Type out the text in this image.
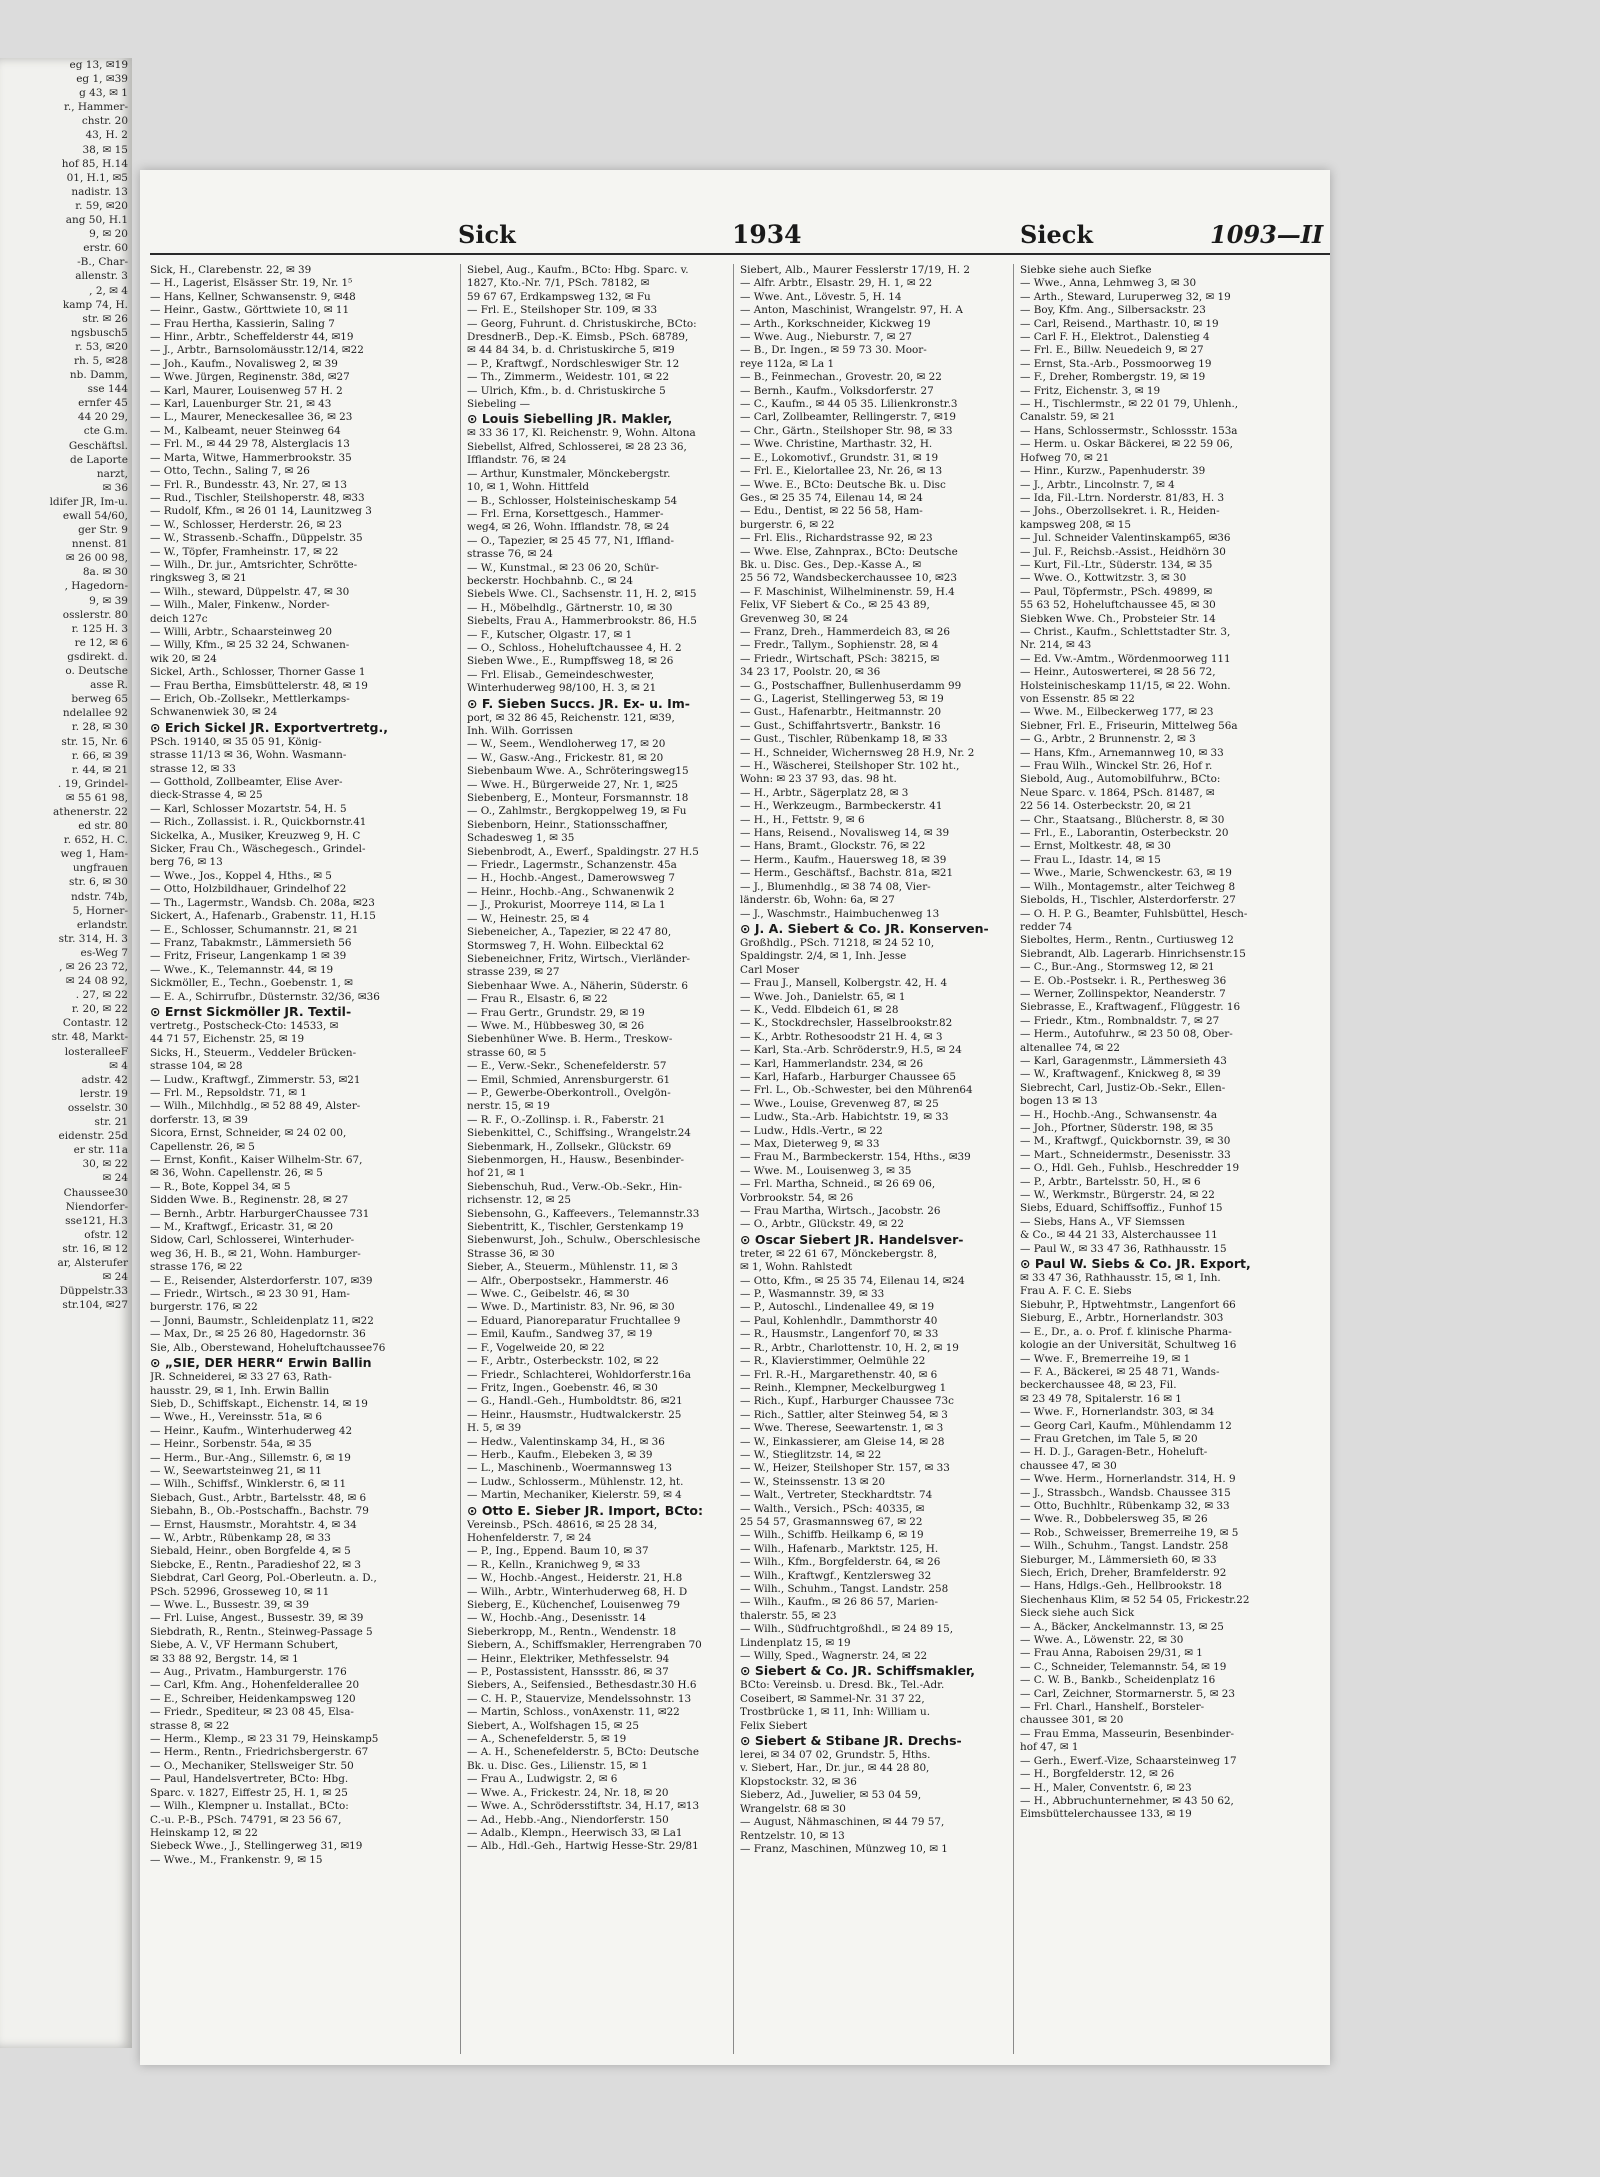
eg 13, ✉19
eg 1, ✉39
g 43, ✉ 1
r., Hammer-
chstr. 20
43, H. 2
38, ✉ 15
hof 85, H.14
01, H.1, ✉5
nadistr. 13
r. 59, ✉20
ang 50, H.1
9, ✉ 20
erstr. 60
-B., Char-
allenstr. 3
, 2, ✉ 4
kamp 74, H.
str. ✉ 26
ngsbusch5
r. 53, ✉20
rh. 5, ✉28
nb. Damm,
sse 144
ernfer 45
44 20 29,
cte G.m.
Geschäftsl.
de Laporte
narzt,
✉ 36
ldifer JR, Im-u.
ewall 54/60,
ger Str. 9
nnenst. 81
✉ 26 00 98,
8a. ✉ 30
, Hagedorn-
9, ✉ 39
osslerstr. 80
r. 125 H. 3
re 12, ✉ 6
gsdirekt. d.
o. Deutsche
asse R.
berweg 65
ndelallee 92
r. 28, ✉ 30
str. 15, Nr. 6
r. 66, ✉ 39
r. 44, ✉ 21
. 19, Grindel-
✉ 55 61 98,
athenerstr. 22
ed str. 80
r. 652, H. C.
weg 1, Ham-
ungfrauen
str. 6, ✉ 30
ndstr. 74b,
5, Horner-
erlandstr.
str. 314, H. 3
es-Weg 7
, ✉ 26 23 72,
✉ 24 08 92,
. 27, ✉ 22
r. 20, ✉ 22
Contastr. 12
str. 48, Markt-
losteralleeF
✉ 4
adstr. 42
lerstr. 19
osselstr. 30
str. 21
eidenstr. 25d
er str. 11a
30, ✉ 22
✉ 24
Chaussee30
Niendorfer-
sse121, H.3
ofstr. 12
str. 16, ✉ 12
ar, Alsterufer
✉ 24
Düppelstr.33
str.104, ✉27
Sick	1934	Sieck	1093—II
Sick, H., Clarebenstr. 22, ✉ 39
— H., Lagerist, Elsässer Str. 19, Nr. 1⁵
— Hans, Kellner, Schwansenstr. 9, ✉48
— Heinr., Gastw., Görttwiete 10, ✉ 11
— Frau Hertha, Kassierin, Saling 7
— Hinr., Arbtr., Scheffelderstr 44, ✉19
— J., Arbtr., Barnsolomäusstr.12/14, ✉22
— Joh., Kaufm., Novalisweg 2, ✉ 39
— Wwe. Jürgen, Reginenstr. 38d, ✉27
— Karl, Maurer, Louisenweg 57 H. 2
— Karl, Lauenburger Str. 21, ✉ 43
— L., Maurer, Meneckesallee 36, ✉ 23
— M., Kalbeamt, neuer Steinweg 64
— Frl. M., ✉ 44 29 78, Alsterglacis 13
— Marta, Witwe, Hammerbrookstr. 35
— Otto, Techn., Saling 7, ✉ 26
— Frl. R., Bundesstr. 43, Nr. 27, ✉ 13
— Rud., Tischler, Steilshoperstr. 48, ✉33
— Rudolf, Kfm., ✉ 26 01 14, Launitzweg 3
— W., Schlosser, Herderstr. 26, ✉ 23
— W., Strassenb.-Schaffn., Düppelstr. 35
— W., Töpfer, Framheinstr. 17, ✉ 22
— Wilh., Dr. jur., Amtsrichter, Schrötte-
ringksweg 3, ✉ 21
— Wilh., steward, Düppelstr. 47, ✉ 30
— Wilh., Maler, Finkenw., Norder-
deich 127c
— Willi, Arbtr., Schaarsteinweg 20
— Willy, Kfm., ✉ 25 32 24, Schwanen-
wik 20, ✉ 24
Sickel, Arth., Schlosser, Thorner Gasse 1
— Frau Bertha, Eimsbüttelerstr. 48, ✉ 19
— Erich, Ob.-Zollsekr., Mettlerkamps-
Schwanenwiek 30, ✉ 24
⊙ Erich Sickel JR. Exportvertretg.,
PSch. 19140, ✉ 35 05 91, König-
strasse 11/13 ✉ 36, Wohn. Wasmann-
strasse 12, ✉ 33
— Gotthold, Zollbeamter, Elise Aver-
dieck-Strasse 4, ✉ 25
— Karl, Schlosser Mozartstr. 54, H. 5
— Rich., Zollassist. i. R., Quickbornstr.41
Sickelka, A., Musiker, Kreuzweg 9, H. C
Sicker, Frau Ch., Wäschegesch., Grindel-
berg 76, ✉ 13
— Wwe., Jos., Koppel 4, Hths., ✉ 5
— Otto, Holzbildhauer, Grindelhof 22
— Th., Lagermstr., Wandsb. Ch. 208a, ✉23
Sickert, A., Hafenarb., Grabenstr. 11, H.15
— E., Schlosser, Schumannstr. 21, ✉ 21
— Franz, Tabakmstr., Lämmersieth 56
— Fritz, Friseur, Langenkamp 1 ✉ 39
— Wwe., K., Telemannstr. 44, ✉ 19
Sickmöller, E., Techn., Goebenstr. 1, ✉
— E. A., Schirrufbr., Düsternstr. 32/36, ✉36
⊙ Ernst Sickmöller JR. Textil-
vertretg., Postscheck-Cto: 14533, ✉
44 71 57, Eichenstr. 25, ✉ 19
Sicks, H., Steuerm., Veddeler Brücken-
strasse 104, ✉ 28
— Ludw., Kraftwgf., Zimmerstr. 53, ✉21
— Frl. M., Repsoldstr. 71, ✉ 1
— Wilh., Milchhdlg., ✉ 52 88 49, Alster-
dorferstr. 13, ✉ 39
Sicora, Ernst, Schneider, ✉ 24 02 00,
Capellenstr. 26, ✉ 5
— Ernst, Konfit., Kaiser Wilhelm-Str. 67,
✉ 36, Wohn. Capellenstr. 26, ✉ 5
— R., Bote, Koppel 34, ✉ 5
Sidden Wwe. B., Reginenstr. 28, ✉ 27
— Bernh., Arbtr. HarburgerChaussee 731
— M., Kraftwgf., Ericastr. 31, ✉ 20
Sidow, Carl, Schlosserei, Winterhuder-
weg 36, H. B., ✉ 21, Wohn. Hamburger-
strasse 176, ✉ 22
— E., Reisender, Alsterdorferstr. 107, ✉39
— Friedr., Wirtsch., ✉ 23 30 91, Ham-
burgerstr. 176, ✉ 22
— Jonni, Baumstr., Schleidenplatz 11, ✉22
— Max, Dr., ✉ 25 26 80, Hagedornstr. 36
Sie, Alb., Oberstewand, Hoheluftchaussee76
⊙ „SIE, DER HERR“ Erwin Ballin
JR. Schneiderei, ✉ 33 27 63, Rath-
hausstr. 29, ✉ 1, Inh. Erwin Ballin
Sieb, D., Schiffskapt., Eichenstr. 14, ✉ 19
— Wwe., H., Vereinsstr. 51a, ✉ 6
— Heinr., Kaufm., Winterhuderweg 42
— Heinr., Sorbenstr. 54a, ✉ 35
— Herm., Bur.-Ang., Sillemstr. 6, ✉ 19
— W., Seewartsteinweg 21, ✉ 11
— Wilh., Schiffsf., Winklerstr. 6, ✉ 11
Siebach, Gust., Arbtr., Bartelsstr. 48, ✉ 6
Siebahn, B., Ob.-Postschaffn., Bachstr. 79
— Ernst, Hausmstr., Morahtstr. 4, ✉ 34
— W., Arbtr., Rübenkamp 28, ✉ 33
Siebald, Heinr., oben Borgfelde 4, ✉ 5
Siebcke, E., Rentn., Paradieshof 22, ✉ 3
Siebdrat, Carl Georg, Pol.-Oberleutn. a. D.,
PSch. 52996, Grosseweg 10, ✉ 11
— Wwe. L., Bussestr. 39, ✉ 39
— Frl. Luise, Angest., Bussestr. 39, ✉ 39
Siebdrath, R., Rentn., Steinweg-Passage 5
Siebe, A. V., VF Hermann Schubert,
✉ 33 88 92, Bergstr. 14, ✉ 1
— Aug., Privatm., Hamburgerstr. 176
— Carl, Kfm. Ang., Hohenfelderallee 20
— E., Schreiber, Heidenkampsweg 120
— Friedr., Spediteur, ✉ 23 08 45, Elsa-
strasse 8, ✉ 22
— Herm., Klemp., ✉ 23 31 79, Heinskamp5
— Herm., Rentn., Friedrichsbergerstr. 67
— O., Mechaniker, Stellsweiger Str. 50
— Paul, Handelsvertreter, BCto: Hbg.
Sparc. v. 1827, Eiffestr 25, H. 1, ✉ 25
— Wilh., Klempner u. Installat., BCto:
C.-u. P.-B., PSch. 74791, ✉ 23 56 67,
Heinskamp 12, ✉ 22
Siebeck Wwe., J., Stellingerweg 31, ✉19
— Wwe., M., Frankenstr. 9, ✉ 15
Siebel, Aug., Kaufm., BCto: Hbg. Sparc. v.
1827, Kto.-Nr. 7/1, PSch. 78182, ✉
59 67 67, Erdkampsweg 132, ✉ Fu
— Frl. E., Steilshoper Str. 109, ✉ 33
— Georg, Fuhrunt. d. Christuskirche, BCto:
DresdnerB., Dep.-K. Eimsb., PSch. 68789,
✉ 44 84 34, b. d. Christuskirche 5, ✉19
— P., Kraftwgf., Nordschleswiger Str. 12
— Th., Zimmerm., Weidestr. 101, ✉ 22
— Ulrich, Kfm., b. d. Christuskirche 5
Siebeling —
⊙ Louis Siebelling JR. Makler,
✉ 33 36 17, Kl. Reichenstr. 9, Wohn. Altona
Siebellst, Alfred, Schlosserei, ✉ 28 23 36,
Ifflandstr. 76, ✉ 24
— Arthur, Kunstmaler, Mönckebergstr.
10, ✉ 1, Wohn. Hittfeld
— B., Schlosser, Holsteinischeskamp 54
— Frl. Erna, Korsettgesch., Hammer-
weg4, ✉ 26, Wohn. Ifflandstr. 78, ✉ 24
— O., Tapezier, ✉ 25 45 77, N1, Iffland-
strasse 76, ✉ 24
— W., Kunstmal., ✉ 23 06 20, Schür-
beckerstr. Hochbahnb. C., ✉ 24
Siebels Wwe. Cl., Sachsenstr. 11, H. 2, ✉15
— H., Möbelhdlg., Gärtnerstr. 10, ✉ 30
Siebelts, Frau A., Hammerbrookstr. 86, H.5
— F., Kutscher, Olgastr. 17, ✉ 1
— O., Schloss., Hoheluftchaussee 4, H. 2
Sieben Wwe., E., Rumpffsweg 18, ✉ 26
— Frl. Elisab., Gemeindeschwester,
Winterhuderweg 98/100, H. 3, ✉ 21
⊙ F. Sieben Succs. JR. Ex- u. Im-
port, ✉ 32 86 45, Reichenstr. 121, ✉39,
Inh. Wilh. Gorrissen
— W., Seem., Wendloherweg 17, ✉ 20
— W., Gasw.-Ang., Frickestr. 81, ✉ 20
Siebenbaum Wwe. A., Schröteringsweg15
— Wwe. H., Bürgerweide 27, Nr. 1, ✉25
Siebenberg, E., Monteur, Forsmannstr. 18
— O., Zahlmstr., Bergkoppelweg 19, ✉ Fu
Siebenborn, Heinr., Stationsschaffner,
Schadesweg 1, ✉ 35
Siebenbrodt, A., Ewerf., Spaldingstr. 27 H.5
— Friedr., Lagermstr., Schanzenstr. 45a
— H., Hochb.-Angest., Damerowsweg 7
— Heinr., Hochb.-Ang., Schwanenwik 2
— J., Prokurist, Moorreye 114, ✉ La 1
— W., Heinestr. 25, ✉ 4
Siebeneicher, A., Tapezier, ✉ 22 47 80,
Stormsweg 7, H. Wohn. Eilbecktal 62
Siebeneichner, Fritz, Wirtsch., Vierländer-
strasse 239, ✉ 27
Siebenhaar Wwe. A., Näherin, Süderstr. 6
— Frau R., Elsastr. 6, ✉ 22
— Frau Gertr., Grundstr. 29, ✉ 19
— Wwe. M., Hübbesweg 30, ✉ 26
Siebenhüner Wwe. B. Herm., Treskow-
strasse 60, ✉ 5
— E., Verw.-Sekr., Schenefelderstr. 57
— Emil, Schmied, Anrensburgerstr. 61
— P., Gewerbe-Oberkontroll., Ovelgön-
nerstr. 15, ✉ 19
— R. F., O.-Zollinsp. i. R., Faberstr. 21
Siebenkittel, C., Schiffsing., Wrangelstr.24
Siebenmark, H., Zollsekr., Glückstr. 69
Siebenmorgen, H., Hausw., Besenbinder-
hof 21, ✉ 1
Siebenschuh, Rud., Verw.-Ob.-Sekr., Hin-
richsenstr. 12, ✉ 25
Siebensohn, G., Kaffeevers., Telemannstr.33
Siebentritt, K., Tischler, Gerstenkamp 19
Siebenwurst, Joh., Schulw., Oberschlesische
Strasse 36, ✉ 30
Sieber, A., Steuerm., Mühlenstr. 11, ✉ 3
— Alfr., Oberpostsekr., Hammerstr. 46
— Wwe. C., Geibelstr. 46, ✉ 30
— Wwe. D., Martinistr. 83, Nr. 96, ✉ 30
— Eduard, Pianoreparatur Fruchtallee 9
— Emil, Kaufm., Sandweg 37, ✉ 19
— F., Vogelweide 20, ✉ 22
— F., Arbtr., Osterbeckstr. 102, ✉ 22
— Friedr., Schlachterei, Wohldorferstr.16a
— Fritz, Ingen., Goebenstr. 46, ✉ 30
— G., Handl.-Geh., Humboldtstr. 86, ✉21
— Heinr., Hausmstr., Hudtwalckerstr. 25
H. 5, ✉ 39
— Hedw., Valentinskamp 34, H., ✉ 36
— Herb., Kaufm., Elebeken 3, ✉ 39
— L., Maschinenb., Woermannsweg 13
— Ludw., Schlosserm., Mühlenstr. 12, ht.
— Martin, Mechaniker, Kielerstr. 59, ✉ 4
⊙ Otto E. Sieber JR. Import, BCto:
Vereinsb., PSch. 48616, ✉ 25 28 34,
Hohenfelderstr. 7, ✉ 24
— P., Ing., Eppend. Baum 10, ✉ 37
— R., Kelln., Kranichweg 9, ✉ 33
— W., Hochb.-Angest., Heiderstr. 21, H.8
— Wilh., Arbtr., Winterhuderweg 68, H. D
Sieberg, E., Küchenchef, Louisenweg 79
— W., Hochb.-Ang., Desenisstr. 14
Sieberkropp, M., Rentn., Wendenstr. 18
Siebern, A., Schiffsmakler, Herrengraben 70
— Heinr., Elektriker, Methfesselstr. 94
— P., Postassistent, Hanssstr. 86, ✉ 37
Siebers, A., Seifensied., Bethesdastr.30 H.6
— C. H. P., Stauervize, Mendelssohnstr. 13
— Martin, Schloss., vonAxenstr. 11, ✉22
Siebert, A., Wolfshagen 15, ✉ 25
— A., Schenefelderstr. 5, ✉ 19
— A. H., Schenefelderstr. 5, BCto: Deutsche
Bk. u. Disc. Ges., Lilienstr. 15, ✉ 1
— Frau A., Ludwigstr. 2, ✉ 6
— Wwe. A., Frickestr. 24, Nr. 18, ✉ 20
— Wwe. A., Schrödersstiftstr. 34, H.17, ✉13
— Ad., Hebb.-Ang., Niendorferstr. 150
— Adalb., Klempn., Heerwisch 33, ✉ La1
— Alb., Hdl.-Geh., Hartwig Hesse-Str. 29/81
Siebert, Alb., Maurer Fesslerstr 17/19, H. 2
— Alfr. Arbtr., Elsastr. 29, H. 1, ✉ 22
— Wwe. Ant., Lövestr. 5, H. 14
— Anton, Maschinist, Wrangelstr. 97, H. A
— Arth., Korkschneider, Kickweg 19
— Wwe. Aug., Nieburstr. 7, ✉ 27
— B., Dr. Ingen., ✉ 59 73 30. Moor-
reye 112a, ✉ La 1
— B., Feinmechan., Grovestr. 20, ✉ 22
— Bernh., Kaufm., Volksdorferstr. 27
— C., Kaufm., ✉ 44 05 35. Lilienkronstr.3
— Carl, Zollbeamter, Rellingerstr. 7, ✉19
— Chr., Gärtn., Steilshoper Str. 98, ✉ 33
— Wwe. Christine, Marthastr. 32, H.
— E., Lokomotivf., Grundstr. 31, ✉ 19
— Frl. E., Kielortallee 23, Nr. 26, ✉ 13
— Wwe. E., BCto: Deutsche Bk. u. Disc
Ges., ✉ 25 35 74, Eilenau 14, ✉ 24
— Edu., Dentist, ✉ 22 56 58, Ham-
burgerstr. 6, ✉ 22
— Frl. Elis., Richardstrasse 92, ✉ 23
— Wwe. Else, Zahnprax., BCto: Deutsche
Bk. u. Disc. Ges., Dep.-Kasse A., ✉
25 56 72, Wandsbeckerchaussee 10, ✉23
— F. Maschinist, Wilhelminenstr. 59, H.4
Felix, VF Siebert & Co., ✉ 25 43 89,
Grevenweg 30, ✉ 24
— Franz, Dreh., Hammerdeich 83, ✉ 26
— Fredr., Tallym., Sophienstr. 28, ✉ 4
— Friedr., Wirtschaft, PSch: 38215, ✉
34 23 17, Poolstr. 20, ✉ 36
— G., Postschaffner, Bullenhuserdamm 99
— G., Lagerist, Stellingerweg 53, ✉ 19
— Gust., Hafenarbtr., Heitmannstr. 20
— Gust., Schiffahrtsvertr., Bankstr. 16
— Gust., Tischler, Rübenkamp 18, ✉ 33
— H., Schneider, Wichernsweg 28 H.9, Nr. 2
— H., Wäscherei, Steilshoper Str. 102 ht.,
Wohn: ✉ 23 37 93, das. 98 ht.
— H., Arbtr., Sägerplatz 28, ✉ 3
— H., Werkzeugm., Barmbeckerstr. 41
— H., H., Fettstr. 9, ✉ 6
— Hans, Reisend., Novalisweg 14, ✉ 39
— Hans, Bramt., Glockstr. 76, ✉ 22
— Herm., Kaufm., Hauersweg 18, ✉ 39
— Herm., Geschäftsf., Bachstr. 81a, ✉21
— J., Blumenhdlg., ✉ 38 74 08, Vier-
länderstr. 6b, Wohn: 6a, ✉ 27
— J., Waschmstr., Haimbuchenweg 13
⊙ J. A. Siebert & Co. JR. Konserven-
Großhdlg., PSch. 71218, ✉ 24 52 10,
Spaldingstr. 2/4, ✉ 1, Inh. Jesse
Carl Moser
— Frau J., Mansell, Kolbergstr. 42, H. 4
— Wwe. Joh., Danielstr. 65, ✉ 1
— K., Vedd. Elbdeich 61, ✉ 28
— K., Stockdrechsler, Hasselbrookstr.82
— K., Arbtr. Rothesoodstr 21 H. 4, ✉ 3
— Karl, Sta.-Arb. Schröderstr.9, H.5, ✉ 24
— Karl, Hammerlandstr. 234, ✉ 26
— Karl, Hafarb., Harburger Chaussee 65
— Frl. L., Ob.-Schwester, bei den Mühren64
— Wwe., Louise, Grevenweg 87, ✉ 25
— Ludw., Sta.-Arb. Habichtstr. 19, ✉ 33
— Ludw., Hdls.-Vertr., ✉ 22
— Max, Dieterweg 9, ✉ 33
— Frau M., Barmbeckerstr. 154, Hths., ✉39
— Wwe. M., Louisenweg 3, ✉ 35
— Frl. Martha, Schneid., ✉ 26 69 06,
Vorbrookstr. 54, ✉ 26
— Frau Martha, Wirtsch., Jacobstr. 26
— O., Arbtr., Glückstr. 49, ✉ 22
⊙ Oscar Siebert JR. Handelsver-
treter, ✉ 22 61 67, Mönckebergstr. 8,
✉ 1, Wohn. Rahlstedt
— Otto, Kfm., ✉ 25 35 74, Eilenau 14, ✉24
— P., Wasmannstr. 39, ✉ 33
— P., Autoschl., Lindenallee 49, ✉ 19
— Paul, Kohlenhdlr., Dammthorstr 40
— R., Hausmstr., Langenforf 70, ✉ 33
— R., Arbtr., Charlottenstr. 10, H. 2, ✉ 19
— R., Klavierstimmer, Oelmühle 22
— Frl. R.-H., Margarethenstr. 40, ✉ 6
— Reinh., Klempner, Meckelburgweg 1
— Rich., Kupf., Harburger Chaussee 73c
— Rich., Sattler, alter Steinweg 54, ✉ 3
— Wwe. Therese, Seewartenstr. 1, ✉ 3
— W., Einkassierer, am Gleise 14, ✉ 28
— W., Stieglitzstr. 14, ✉ 22
— W., Heizer, Steilshoper Str. 157, ✉ 33
— W., Steinssenstr. 13 ✉ 20
— Walt., Vertreter, Steckhardtstr. 74
— Walth., Versich., PSch: 40335, ✉
25 54 57, Grasmannsweg 67, ✉ 22
— Wilh., Schiffb. Heilkamp 6, ✉ 19
— Wilh., Hafenarb., Marktstr. 125, H.
— Wilh., Kfm., Borgfelderstr. 64, ✉ 26
— Wilh., Kraftwgf., Kentzlersweg 32
— Wilh., Schuhm., Tangst. Landstr. 258
— Wilh., Kaufm., ✉ 26 86 57, Marien-
thalerstr. 55, ✉ 23
— Wilh., Südfruchtgroßhdl., ✉ 24 89 15,
Lindenplatz 15, ✉ 19
— Willy, Sped., Wagnerstr. 24, ✉ 22
⊙ Siebert & Co. JR. Schiffsmakler,
BCto: Vereinsb. u. Dresd. Bk., Tel.-Adr.
Coseibert, ✉ Sammel-Nr. 31 37 22,
Trostbrücke 1, ✉ 11, Inh: William u.
Felix Siebert
⊙ Siebert & Stibane JR. Drechs-
lerei, ✉ 34 07 02, Grundstr. 5, Hths.
v. Siebert, Har., Dr. jur., ✉ 44 28 80,
Klopstockstr. 32, ✉ 36
Sieberz, Ad., Juwelier, ✉ 53 04 59,
Wrangelstr. 68 ✉ 30
— August, Nähmaschinen, ✉ 44 79 57,
Rentzelstr. 10, ✉ 13
— Franz, Maschinen, Münzweg 10, ✉ 1
Siebke siehe auch Siefke
— Wwe., Anna, Lehmweg 3, ✉ 30
— Arth., Steward, Luruperweg 32, ✉ 19
— Boy, Kfm. Ang., Silbersackstr. 23
— Carl, Reisend., Marthastr. 10, ✉ 19
— Carl F. H., Elektrot., Dalenstieg 4
— Frl. E., Billw. Neuedeich 9, ✉ 27
— Ernst, Sta.-Arb., Possmoorweg 19
— F., Dreher, Rombergstr. 19, ✉ 19
— Fritz, Eichenstr. 3, ✉ 19
— H., Tischlermstr., ✉ 22 01 79, Uhlenh.,
Canalstr. 59, ✉ 21
— Hans, Schlossermstr., Schlossstr. 153a
— Herm. u. Oskar Bäckerei, ✉ 22 59 06,
Hofweg 70, ✉ 21
— Hinr., Kurzw., Papenhuderstr. 39
— J., Arbtr., Lincolnstr. 7, ✉ 4
— Ida, Fil.-Ltrn. Norderstr. 81/83, H. 3
— Johs., Oberzollsekret. i. R., Heiden-
kampsweg 208, ✉ 15
— Jul. Schneider Valentinskamp65, ✉36
— Jul. F., Reichsb.-Assist., Heidhörn 30
— Kurt, Fil.-Ltr., Süderstr. 134, ✉ 35
— Wwe. O., Kottwitzstr. 3, ✉ 30
— Paul, Töpfermstr., PSch. 49899, ✉
55 63 52, Hoheluftchaussee 45, ✉ 30
Siebken Wwe. Ch., Probsteier Str. 14
— Christ., Kaufm., Schlettstadter Str. 3,
Nr. 214, ✉ 43
— Ed. Vw.-Amtm., Wördenmoorweg 111
— Heinr., Autoswerterei, ✉ 28 56 72,
Holsteinischeskamp 11/15, ✉ 22. Wohn.
von Essenstr. 85 ✉ 22
— Wwe. M., Eilbeckerweg 177, ✉ 23
Siebner, Frl. E., Friseurin, Mittelweg 56a
— G., Arbtr., 2 Brunnenstr. 2, ✉ 3
— Hans, Kfm., Arnemannweg 10, ✉ 33
— Frau Wilh., Winckel Str. 26, Hof r.
Siebold, Aug., Automobilfuhrw., BCto:
Neue Sparc. v. 1864, PSch. 81487, ✉
22 56 14. Osterbeckstr. 20, ✉ 21
— Chr., Staatsang., Blücherstr. 8, ✉ 30
— Frl., E., Laborantin, Osterbeckstr. 20
— Ernst, Moltkestr. 48, ✉ 30
— Frau L., Idastr. 14, ✉ 15
— Wwe., Marie, Schwenckestr. 63, ✉ 19
— Wilh., Montagemstr., alter Teichweg 8
Siebolds, H., Tischler, Alsterdorferstr. 27
— O. H. P. G., Beamter, Fuhlsbüttel, Hesch-
redder 74
Sieboltes, Herm., Rentn., Curtiusweg 12
Siebrandt, Alb. Lagerarb. Hinrichsenstr.15
— C., Bur.-Ang., Stormsweg 12, ✉ 21
— E. Ob.-Postsekr. i. R., Perthesweg 36
— Werner, Zollinspektor, Neanderstr. 7
Siebrasse, E., Kraftwagenf., Flüggestr. 16
— Friedr., Ktm., Rombnaldstr. 7, ✉ 27
— Herm., Autofuhrw., ✉ 23 50 08, Ober-
altenallee 74, ✉ 22
— Karl, Garagenmstr., Lämmersieth 43
— W., Kraftwagenf., Knickweg 8, ✉ 39
Siebrecht, Carl, Justiz-Ob.-Sekr., Ellen-
bogen 13 ✉ 13
— H., Hochb.-Ang., Schwansenstr. 4a
— Joh., Pfortner, Süderstr. 198, ✉ 35
— M., Kraftwgf., Quickbornstr. 39, ✉ 30
— Mart., Schneidermstr., Desenisstr. 33
— O., Hdl. Geh., Fuhlsb., Heschredder 19
— P., Arbtr., Bartelsstr. 50, H., ✉ 6
— W., Werkmstr., Bürgerstr. 24, ✉ 22
Siebs, Eduard, Schiffsoffiz., Funhof 15
— Siebs, Hans A., VF Siemssen
& Co., ✉ 44 21 33, Alsterchaussee 11
— Paul W., ✉ 33 47 36, Rathhausstr. 15
⊙ Paul W. Siebs & Co. JR. Export,
✉ 33 47 36, Rathhausstr. 15, ✉ 1, Inh.
Frau A. F. C. E. Siebs
Siebuhr, P., Hptwehtmstr., Langenfort 66
Sieburg, E., Arbtr., Hornerlandstr. 303
— E., Dr., a. o. Prof. f. klinische Pharma-
kologie an der Universität, Schultweg 16
— Wwe. F., Bremerreihe 19, ✉ 1
— F. A., Bäckerei, ✉ 25 48 71, Wands-
beckerchaussee 48, ✉ 23, Fil.
✉ 23 49 78, Spitalerstr. 16 ✉ 1
— Wwe. F., Hornerlandstr. 303, ✉ 34
— Georg Carl, Kaufm., Mühlendamm 12
— Frau Gretchen, im Tale 5, ✉ 20
— H. D. J., Garagen-Betr., Hoheluft-
chaussee 47, ✉ 30
— Wwe. Herm., Hornerlandstr. 314, H. 9
— J., Strassbch., Wandsb. Chaussee 315
— Otto, Buchhltr., Rübenkamp 32, ✉ 33
— Wwe. R., Dobbelersweg 35, ✉ 26
— Rob., Schweisser, Bremerreihe 19, ✉ 5
— Wilh., Schuhm., Tangst. Landstr. 258
Sieburger, M., Lämmersieth 60, ✉ 33
Siech, Erich, Dreher, Bramfelderstr. 92
— Hans, Hdlgs.-Geh., Hellbrookstr. 18
Siechenhaus Klim, ✉ 52 54 05, Frickestr.22
Sieck siehe auch Sick
— A., Bäcker, Anckelmannstr. 13, ✉ 25
— Wwe. A., Löwenstr. 22, ✉ 30
— Frau Anna, Raboisen 29/31, ✉ 1
— C., Schneider, Telemannstr. 54, ✉ 19
— C. W. B., Bankb., Scheidenplatz 16
— Carl, Zeichner, Stormarnerstr. 5, ✉ 23
— Frl. Charl., Hanshelf., Borsteler-
chaussee 301, ✉ 20
— Frau Emma, Masseurin, Besenbinder-
hof 47, ✉ 1
— Gerh., Ewerf.-Vize, Schaarsteinweg 17
— H., Borgfelderstr. 12, ✉ 26
— H., Maler, Conventstr. 6, ✉ 23
— H., Abbruchunternehmer, ✉ 43 50 62,
Eimsbüttelerchaussee 133, ✉ 19
